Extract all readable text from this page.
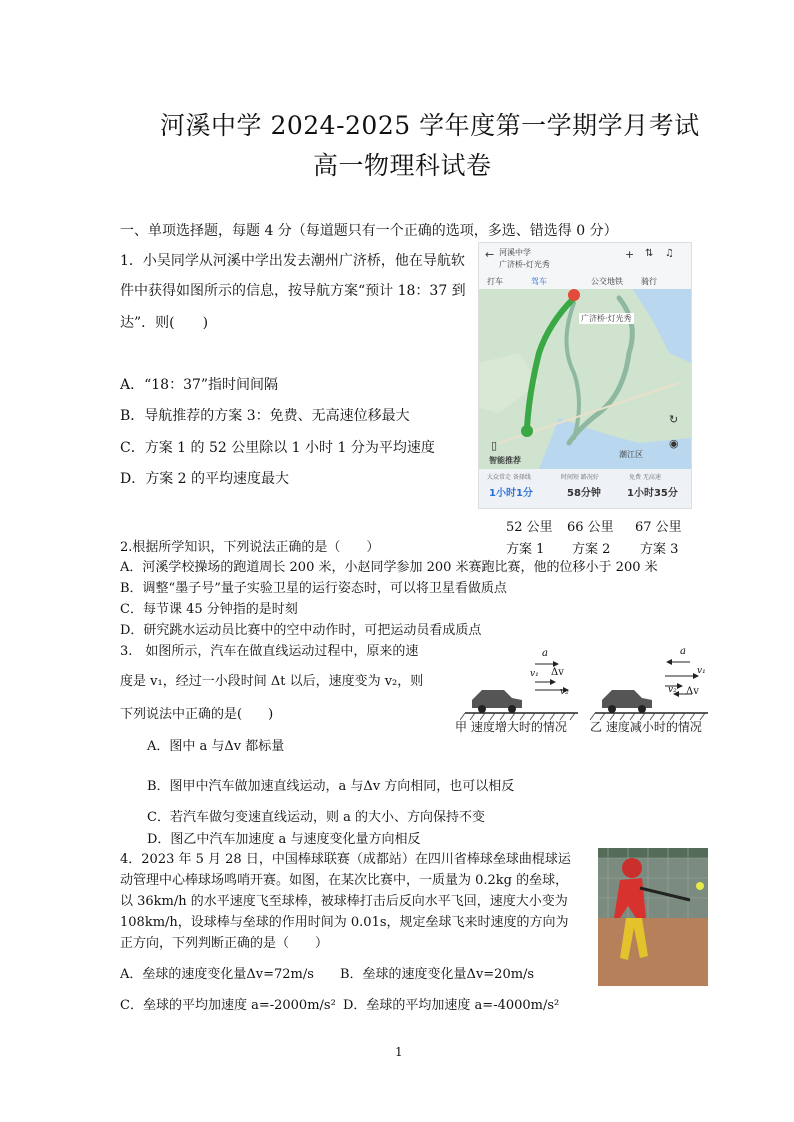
河溪中学 2024-2025 学年度第一学期学月考试
高一物理科试卷
一、单项选择题，每题 4 分（每道题只有一个正确的选项，多选、错选得 0 分）
1．小吴同学从河溪中学出发去潮州广济桥，他在导航软
件中获得如图所示的信息，按导航方案“预计 18：37 到
达”．则(　　)
A．“18：37”指时间间隔
B．导航推荐的方案 3：免费、无高速位移最大
C．方案 1 的 52 公里除以 1 小时 1 分为平均速度
D．方案 2 的平均速度最大
河溪中学
广济桥-灯光秀
←	+ ⇅ ♫
打车	驾车	公交地铁 骑行
广济桥·灯光秀
潮江区
智能推荐
▯
↻
◉
大众常走 备择线
1小时1分
时间短 路况好
58分钟
免费 无高速
1小时35分
52 公里 66 公里 67 公里
方案 1 方案 2 方案 3
2.根据所学知识，下列说法正确的是（　　）
A．河溪学校操场的跑道周长 200 米，小赵同学参加 200 米赛跑比赛，他的位移小于 200 米
B．调整“墨子号”量子实验卫星的运行姿态时，可以将卫星看做质点
C．每节课 45 分钟指的是时刻
D．研究跳水运动员比赛中的空中动作时，可把运动员看成质点
3.　如图所示，汽车在做直线运动过程中，原来的速
度是 v₁，经过一小段时间 Δt 以后，速度变为 v₂，则
下列说法中正确的是(　　)
A．图中 a 与Δv 都标量
B．图甲中汽车做加速直线运动，a 与Δv 方向相同，也可以相反
C．若汽车做匀变速直线运动，则 a 的大小、方向保持不变
D．图乙中汽车加速度 a 与速度变化量方向相反
a
Δv
v₁
v₂
a
v₁
v₂ Δv
甲 速度增大时的情况 乙 速度减小时的情况
4．2023 年 5 月 28 日，中国棒球联赛（成都站）在四川省棒球垒球曲棍球运
动管理中心棒球场鸣哨开赛。如图，在某次比赛中，一质量为 0.2kg 的垒球，
以 36km/h 的水平速度飞至球棒，被球棒打击后反向水平飞回，速度大小变为
108km/h，设球棒与垒球的作用时间为 0.01s，规定垒球飞来时速度的方向为
正方向，下列判断正确的是（　　）
A．垒球的速度变化量Δv=72m/s B．垒球的速度变化量Δv=20m/s
C．垒球的平均加速度 a=-2000m/s² D．垒球的平均加速度 a=-4000m/s²
1
